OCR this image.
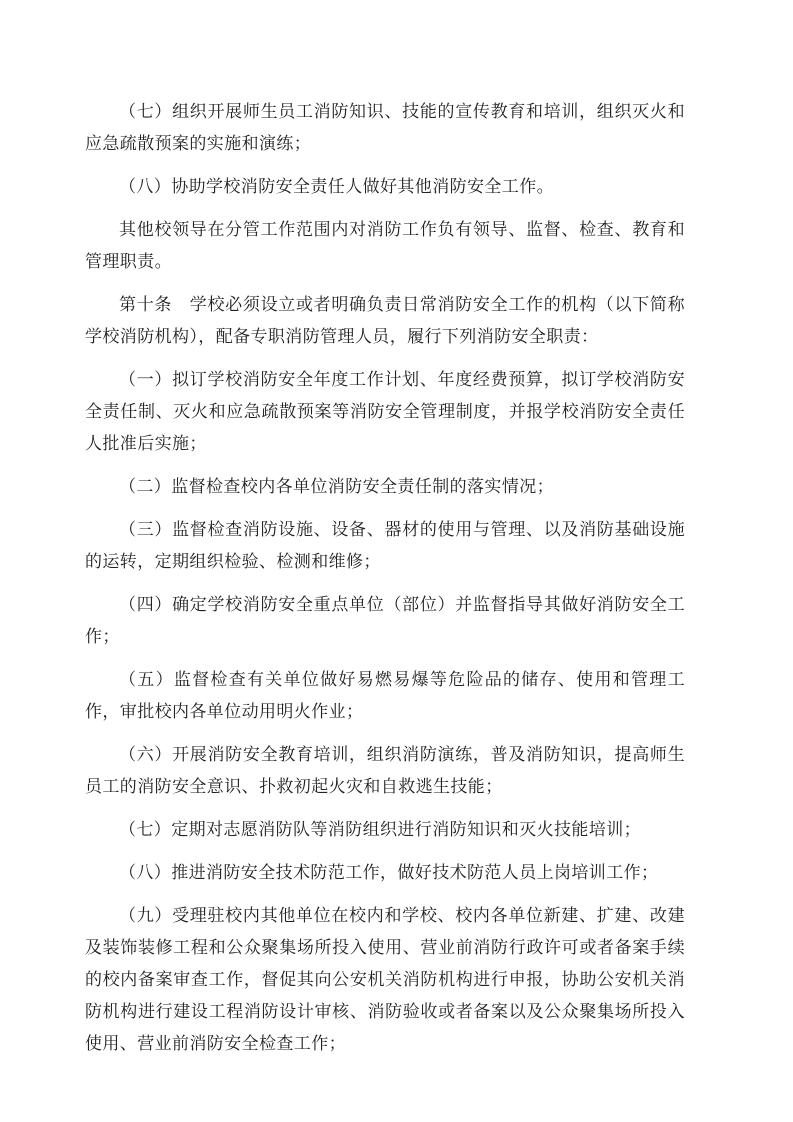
（七）组织开展师生员工消防知识、技能的宣传教育和培训，组织灭火和应急疏散预案的实施和演练；

（八）协助学校消防安全责任人做好其他消防安全工作。

其他校领导在分管工作范围内对消防工作负有领导、监督、检查、教育和管理职责。

第十条　学校必须设立或者明确负责日常消防安全工作的机构（以下简称学校消防机构），配备专职消防管理人员，履行下列消防安全职责：

（一）拟订学校消防安全年度工作计划、年度经费预算，拟订学校消防安全责任制、灭火和应急疏散预案等消防安全管理制度，并报学校消防安全责任人批准后实施；

（二）监督检查校内各单位消防安全责任制的落实情况；

（三）监督检查消防设施、设备、器材的使用与管理、以及消防基础设施的运转，定期组织检验、检测和维修；

（四）确定学校消防安全重点单位（部位）并监督指导其做好消防安全工作；

（五）监督检查有关单位做好易燃易爆等危险品的储存、使用和管理工作，审批校内各单位动用明火作业；

（六）开展消防安全教育培训，组织消防演练，普及消防知识，提高师生员工的消防安全意识、扑救初起火灾和自救逃生技能；

（七）定期对志愿消防队等消防组织进行消防知识和灭火技能培训；

（八）推进消防安全技术防范工作，做好技术防范人员上岗培训工作；

（九）受理驻校内其他单位在校内和学校、校内各单位新建、扩建、改建及装饰装修工程和公众聚集场所投入使用、营业前消防行政许可或者备案手续的校内备案审查工作，督促其向公安机关消防机构进行申报，协助公安机关消防机构进行建设工程消防设计审核、消防验收或者备案以及公众聚集场所投入使用、营业前消防安全检查工作；
